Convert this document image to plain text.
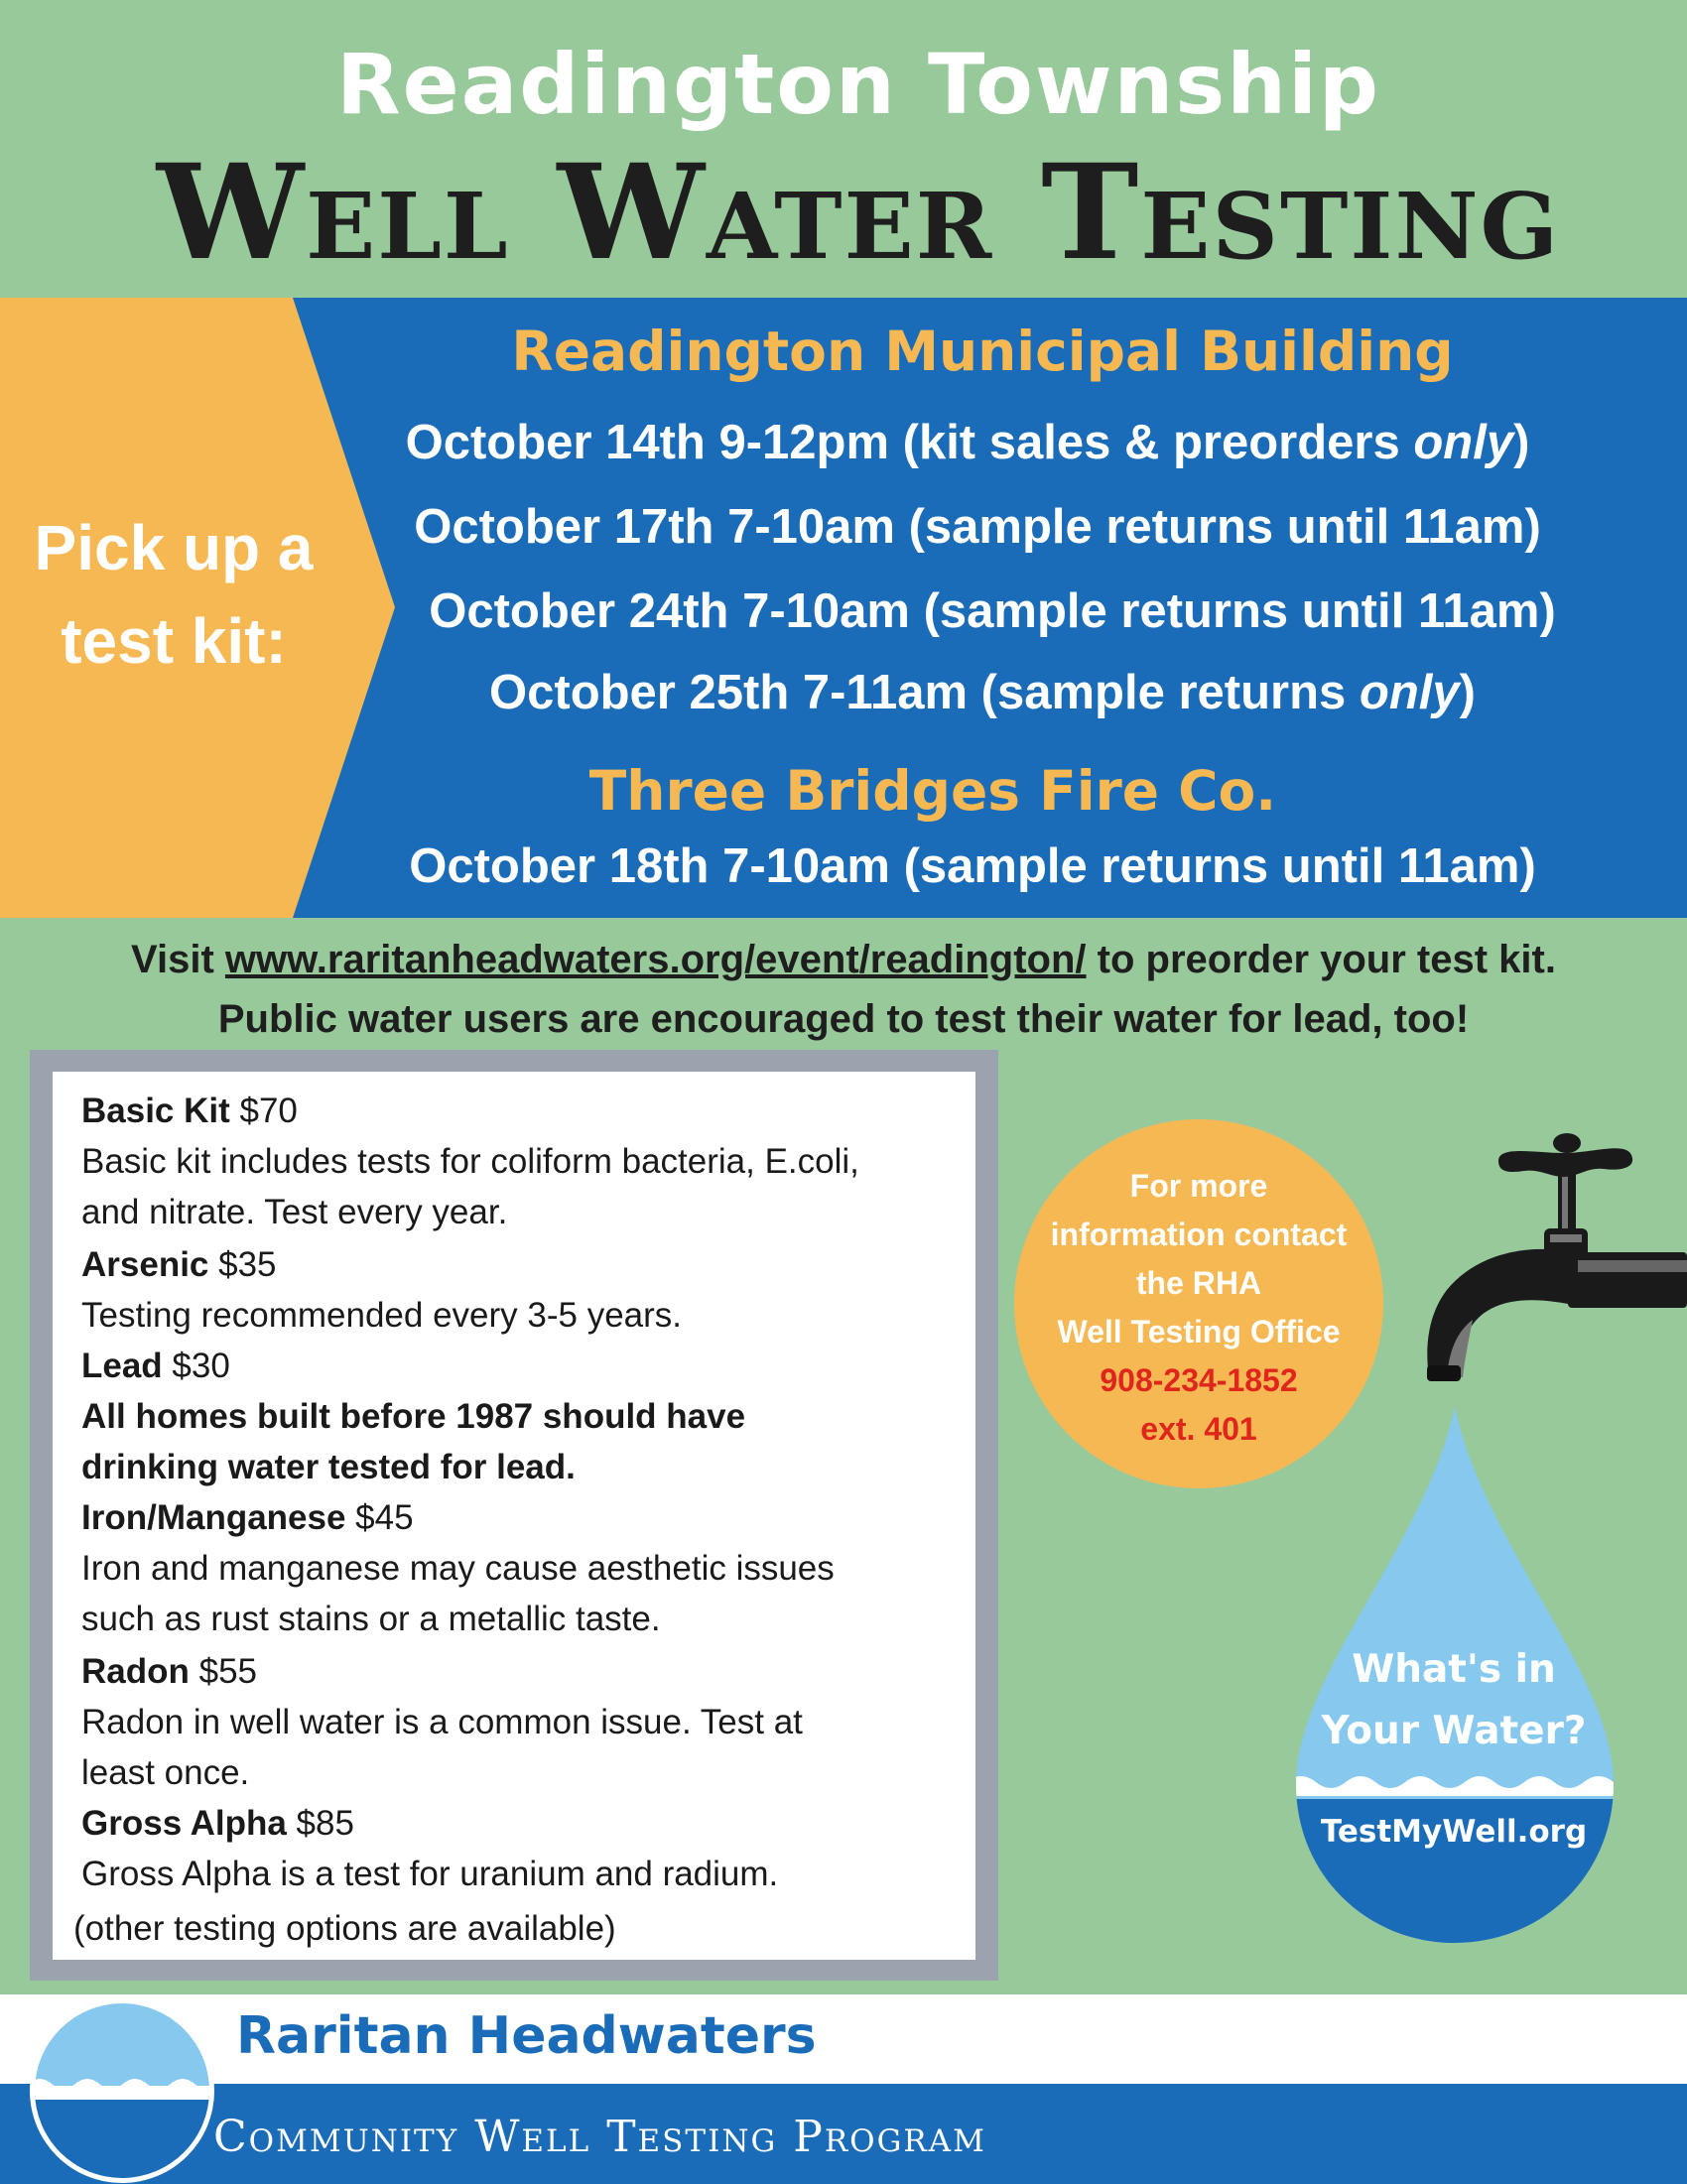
Readington Township
Well Water Testing
Pick up a
test kit:
Readington Municipal Building
October 14th 9-12pm (kit sales & preorders only)
October 17th 7-10am (sample returns until 11am)
October 24th 7-10am (sample returns until 11am)
October 25th 7-11am (sample returns only)
Three Bridges Fire Co.
October 18th 7-10am (sample returns until 11am)
Visit www.raritanheadwaters.org/event/readington/ to preorder your test kit.
Public water users are encouraged to test their water for lead, too!
Basic Kit $70
Basic kit includes tests for coliform bacteria, E.coli,
and nitrate. Test every year.
Arsenic $35
Testing recommended every 3-5 years.
Lead $30
All homes built before 1987 should have
drinking water tested for lead.
Iron/Manganese $45
Iron and manganese may cause aesthetic issues
such as rust stains or a metallic taste.
Radon $55
Radon in well water is a common issue. Test at
least once.
Gross Alpha $85
Gross Alpha is a test for uranium and radium.
(other testing options are available)
For more
information contact
the RHA
Well Testing Office
908-234-1852
ext. 401
What's in
Your Water?
TestMyWell.org
Raritan Headwaters
Community Well Testing Program
